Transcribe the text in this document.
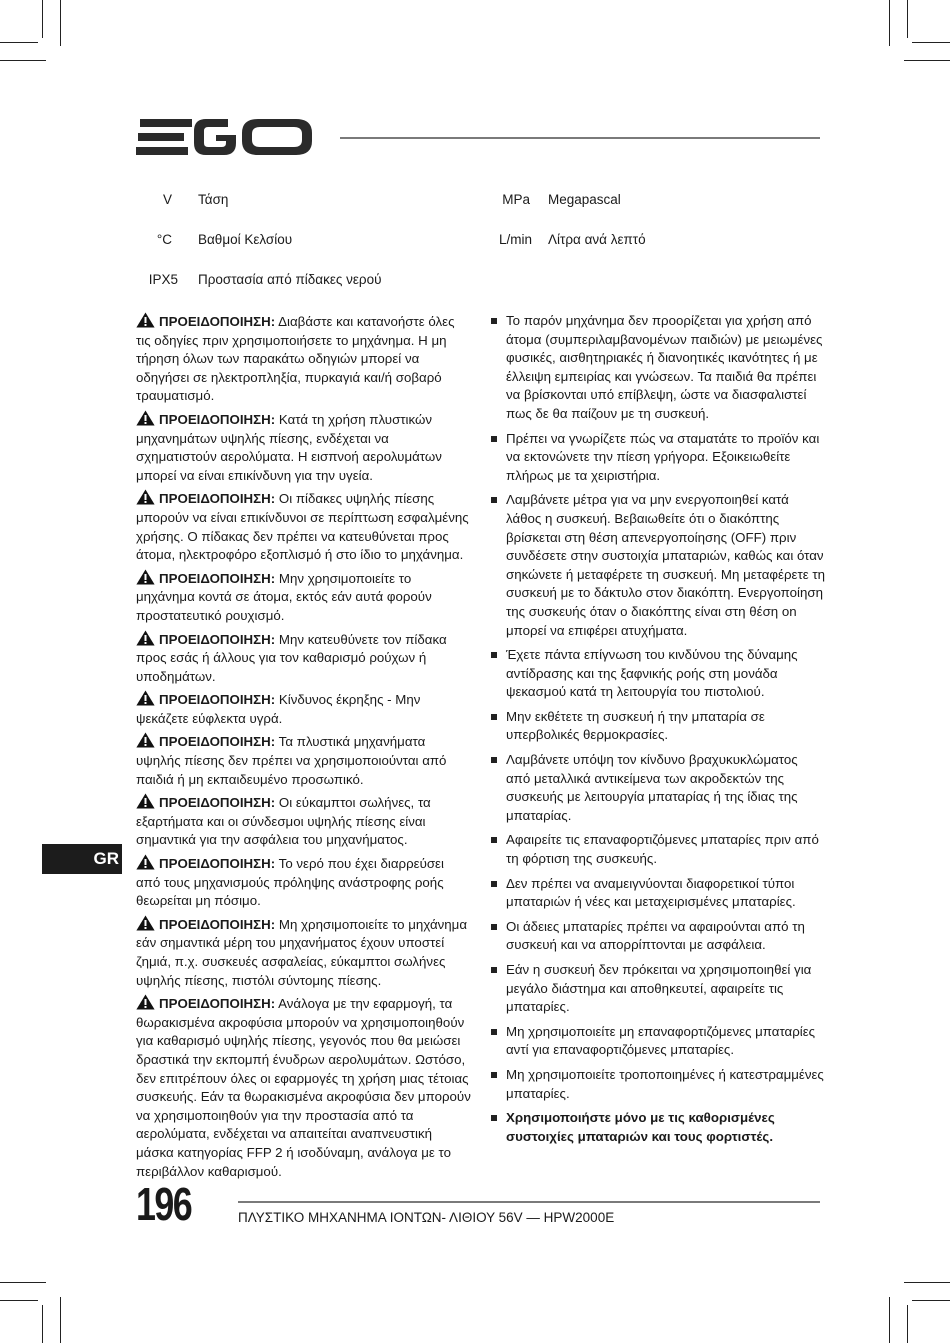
V Τάση	MPa Megapascal
°C Βαθμοί Κελσίου	L/min Λίτρα ανά λεπτό
IPX5 Προστασία από πίδακες νερού

ΠΡΟΕΙΔΟΠΟΙΗΣΗ: Διαβάστε και κατανοήστε όλες τις οδηγίες πριν χρησιμοποιήσετε το μηχάνημα. Η μη τήρηση όλων των παρακάτω οδηγιών μπορεί να οδηγήσει σε ηλεκτροπληξία, πυρκαγιά και/ή σοβαρό τραυματισμό.

ΠΡΟΕΙΔΟΠΟΙΗΣΗ: Κατά τη χρήση πλυστικών μηχανημάτων υψηλής πίεσης, ενδέχεται να σχηματιστούν αερολύματα. Η εισπνοή αερολυμάτων μπορεί να είναι επικίνδυνη για την υγεία.

ΠΡΟΕΙΔΟΠΟΙΗΣΗ: Οι πίδακες υψηλής πίεσης μπορούν να είναι επικίνδυνοι σε περίπτωση εσφαλμένης χρήσης. Ο πίδακας δεν πρέπει να κατευθύνεται προς άτομα, ηλεκτροφόρο εξοπλισμό ή στο ίδιο το μηχάνημα.

ΠΡΟΕΙΔΟΠΟΙΗΣΗ: Μην χρησιμοποιείτε το μηχάνημα κοντά σε άτομα, εκτός εάν αυτά φορούν προστατευτικό ρουχισμό.

ΠΡΟΕΙΔΟΠΟΙΗΣΗ: Μην κατευθύνετε τον πίδακα προς εσάς ή άλλους για τον καθαρισμό ρούχων ή υποδημάτων.

ΠΡΟΕΙΔΟΠΟΙΗΣΗ: Κίνδυνος έκρηξης - Μην ψεκάζετε εύφλεκτα υγρά.

ΠΡΟΕΙΔΟΠΟΙΗΣΗ: Τα πλυστικά μηχανήματα υψηλής πίεσης δεν πρέπει να χρησιμοποιούνται από παιδιά ή μη εκπαιδευμένο προσωπικό.

ΠΡΟΕΙΔΟΠΟΙΗΣΗ: Οι εύκαμπτοι σωλήνες, τα εξαρτήματα και οι σύνδεσμοι υψηλής πίεσης είναι σημαντικά για την ασφάλεια του μηχανήματος.

ΠΡΟΕΙΔΟΠΟΙΗΣΗ: Το νερό που έχει διαρρεύσει από τους μηχανισμούς πρόληψης ανάστροφης ροής θεωρείται μη πόσιμο.

ΠΡΟΕΙΔΟΠΟΙΗΣΗ: Μη χρησιμοποιείτε το μηχάνημα εάν σημαντικά μέρη του μηχανήματος έχουν υποστεί ζημιά, π.χ. συσκευές ασφαλείας, εύκαμπτοι σωλήνες υψηλής πίεσης, πιστόλι σύντομης πίεσης.

ΠΡΟΕΙΔΟΠΟΙΗΣΗ: Ανάλογα με την εφαρμογή, τα θωρακισμένα ακροφύσια μπορούν να χρησιμοποιηθούν για καθαρισμό υψηλής πίεσης, γεγονός που θα μειώσει δραστικά την εκπομπή ένυδρων αερολυμάτων. Ωστόσο, δεν επιτρέπουν όλες οι εφαρμογές τη χρήση μιας τέτοιας συσκευής. Εάν τα θωρακισμένα ακροφύσια δεν μπορούν να χρησιμοποιηθούν για την προστασία από τα αερολύματα, ενδέχεται να απαιτείται αναπνευστική μάσκα κατηγορίας FFP 2 ή ισοδύναμη, ανάλογα με το περιβάλλον καθαρισμού.

Το παρόν μηχάνημα δεν προορίζεται για χρήση από άτομα (συμπεριλαμβανομένων παιδιών) με μειωμένες φυσικές, αισθητηριακές ή διανοητικές ικανότητες ή με έλλειψη εμπειρίας και γνώσεων. Τα παιδιά θα πρέπει να βρίσκονται υπό επίβλεψη, ώστε να διασφαλιστεί πως δε θα παίζουν με τη συσκευή.

Πρέπει να γνωρίζετε πώς να σταματάτε το προϊόν και να εκτονώνετε την πίεση γρήγορα. Εξοικειωθείτε πλήρως με τα χειριστήρια.

Λαμβάνετε μέτρα για να μην ενεργοποιηθεί κατά λάθος η συσκευή. Βεβαιωθείτε ότι ο διακόπτης βρίσκεται στη θέση απενεργοποίησης (OFF) πριν συνδέσετε στην συστοιχία μπαταριών, καθώς και όταν σηκώνετε ή μεταφέρετε τη συσκευή. Μη μεταφέρετε τη συσκευή με το δάκτυλο στον διακόπτη. Ενεργοποίηση της συσκευής όταν ο διακόπτης είναι στη θέση on μπορεί να επιφέρει ατυχήματα.

Έχετε πάντα επίγνωση του κινδύνου της δύναμης αντίδρασης και της ξαφνικής ροής στη μονάδα ψεκασμού κατά τη λειτουργία του πιστολιού.

Μην εκθέτετε τη συσκευή ή την μπαταρία σε υπερβολικές θερμοκρασίες.

Λαμβάνετε υπόψη τον κίνδυνο βραχυκυκλώματος από μεταλλικά αντικείμενα των ακροδεκτών της συσκευής με λειτουργία μπαταρίας ή της ίδιας της μπαταρίας.

Αφαιρείτε τις επαναφορτιζόμενες μπαταρίες πριν από τη φόρτιση της συσκευής.

Δεν πρέπει να αναμειγνύονται διαφορετικοί τύποι μπαταριών ή νέες και μεταχειρισμένες μπαταρίες.

Οι άδειες μπαταρίες πρέπει να αφαιρούνται από τη συσκευή και να απορρίπτονται με ασφάλεια.

Εάν η συσκευή δεν πρόκειται να χρησιμοποιηθεί για μεγάλο διάστημα και αποθηκευτεί, αφαιρείτε τις μπαταρίες.

Μη χρησιμοποιείτε μη επαναφορτιζόμενες μπαταρίες αντί για επαναφορτιζόμενες μπαταρίες.

Μη χρησιμοποιείτε τροποποιημένες ή κατεστραμμένες μπαταρίες.

Χρησιμοποιήστε μόνο με τις καθορισμένες συστοιχίες μπαταριών και τους φορτιστές.

GR
196	ΠΛΥΣΤΙΚΟ ΜΗΧΑΝΗΜΑ ΙΟΝΤΩΝ- ΛΙΘΙΟΥ 56V — HPW2000E
